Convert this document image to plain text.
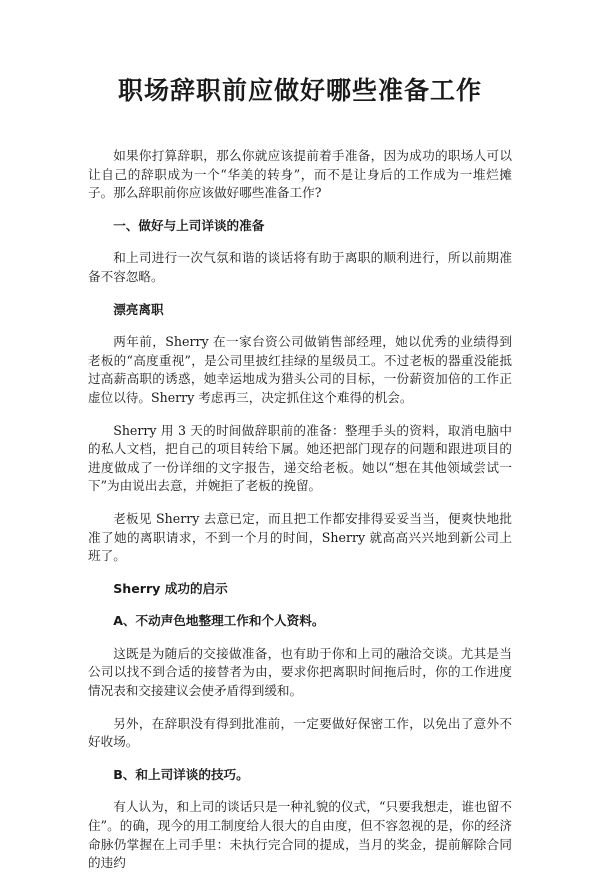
职场辞职前应做好哪些准备工作

如果你打算辞职，那么你就应该提前着手准备，因为成功的职场人可以让自己的辞职成为一个“华美的转身”，而不是让身后的工作成为一堆烂摊子。那么辞职前你应该做好哪些准备工作?

一、做好与上司详谈的准备

和上司进行一次气氛和谐的谈话将有助于离职的顺利进行，所以前期准备不容忽略。

漂亮离职

两年前，Sherry 在一家台资公司做销售部经理，她以优秀的业绩得到老板的“高度重视”，是公司里披红挂绿的星级员工。不过老板的器重没能抵过高薪高职的诱惑，她幸运地成为猎头公司的目标，一份薪资加倍的工作正虚位以待。Sherry 考虑再三，决定抓住这个难得的机会。

Sherry 用 3 天的时间做辞职前的准备：整理手头的资料，取消电脑中的私人文档，把自己的项目转给下属。她还把部门现存的问题和跟进项目的进度做成了一份详细的文字报告，递交给老板。她以“想在其他领域尝试一下”为由说出去意，并婉拒了老板的挽留。

老板见 Sherry 去意已定，而且把工作都安排得妥妥当当，便爽快地批准了她的离职请求，不到一个月的时间，Sherry 就高高兴兴地到新公司上班了。

Sherry 成功的启示

A、不动声色地整理工作和个人资料。

这既是为随后的交接做准备，也有助于你和上司的融洽交谈。尤其是当公司以找不到合适的接替者为由，要求你把离职时间拖后时，你的工作进度情况表和交接建议会使矛盾得到缓和。

另外，在辞职没有得到批准前，一定要做好保密工作，以免出了意外不好收场。

B、和上司详谈的技巧。

有人认为，和上司的谈话只是一种礼貌的仪式，“只要我想走，谁也留不住”。的确，现今的用工制度给人很大的自由度，但不容忽视的是，你的经济命脉仍掌握在上司手里：未执行完合同的提成，当月的奖金，提前解除合同的违约
